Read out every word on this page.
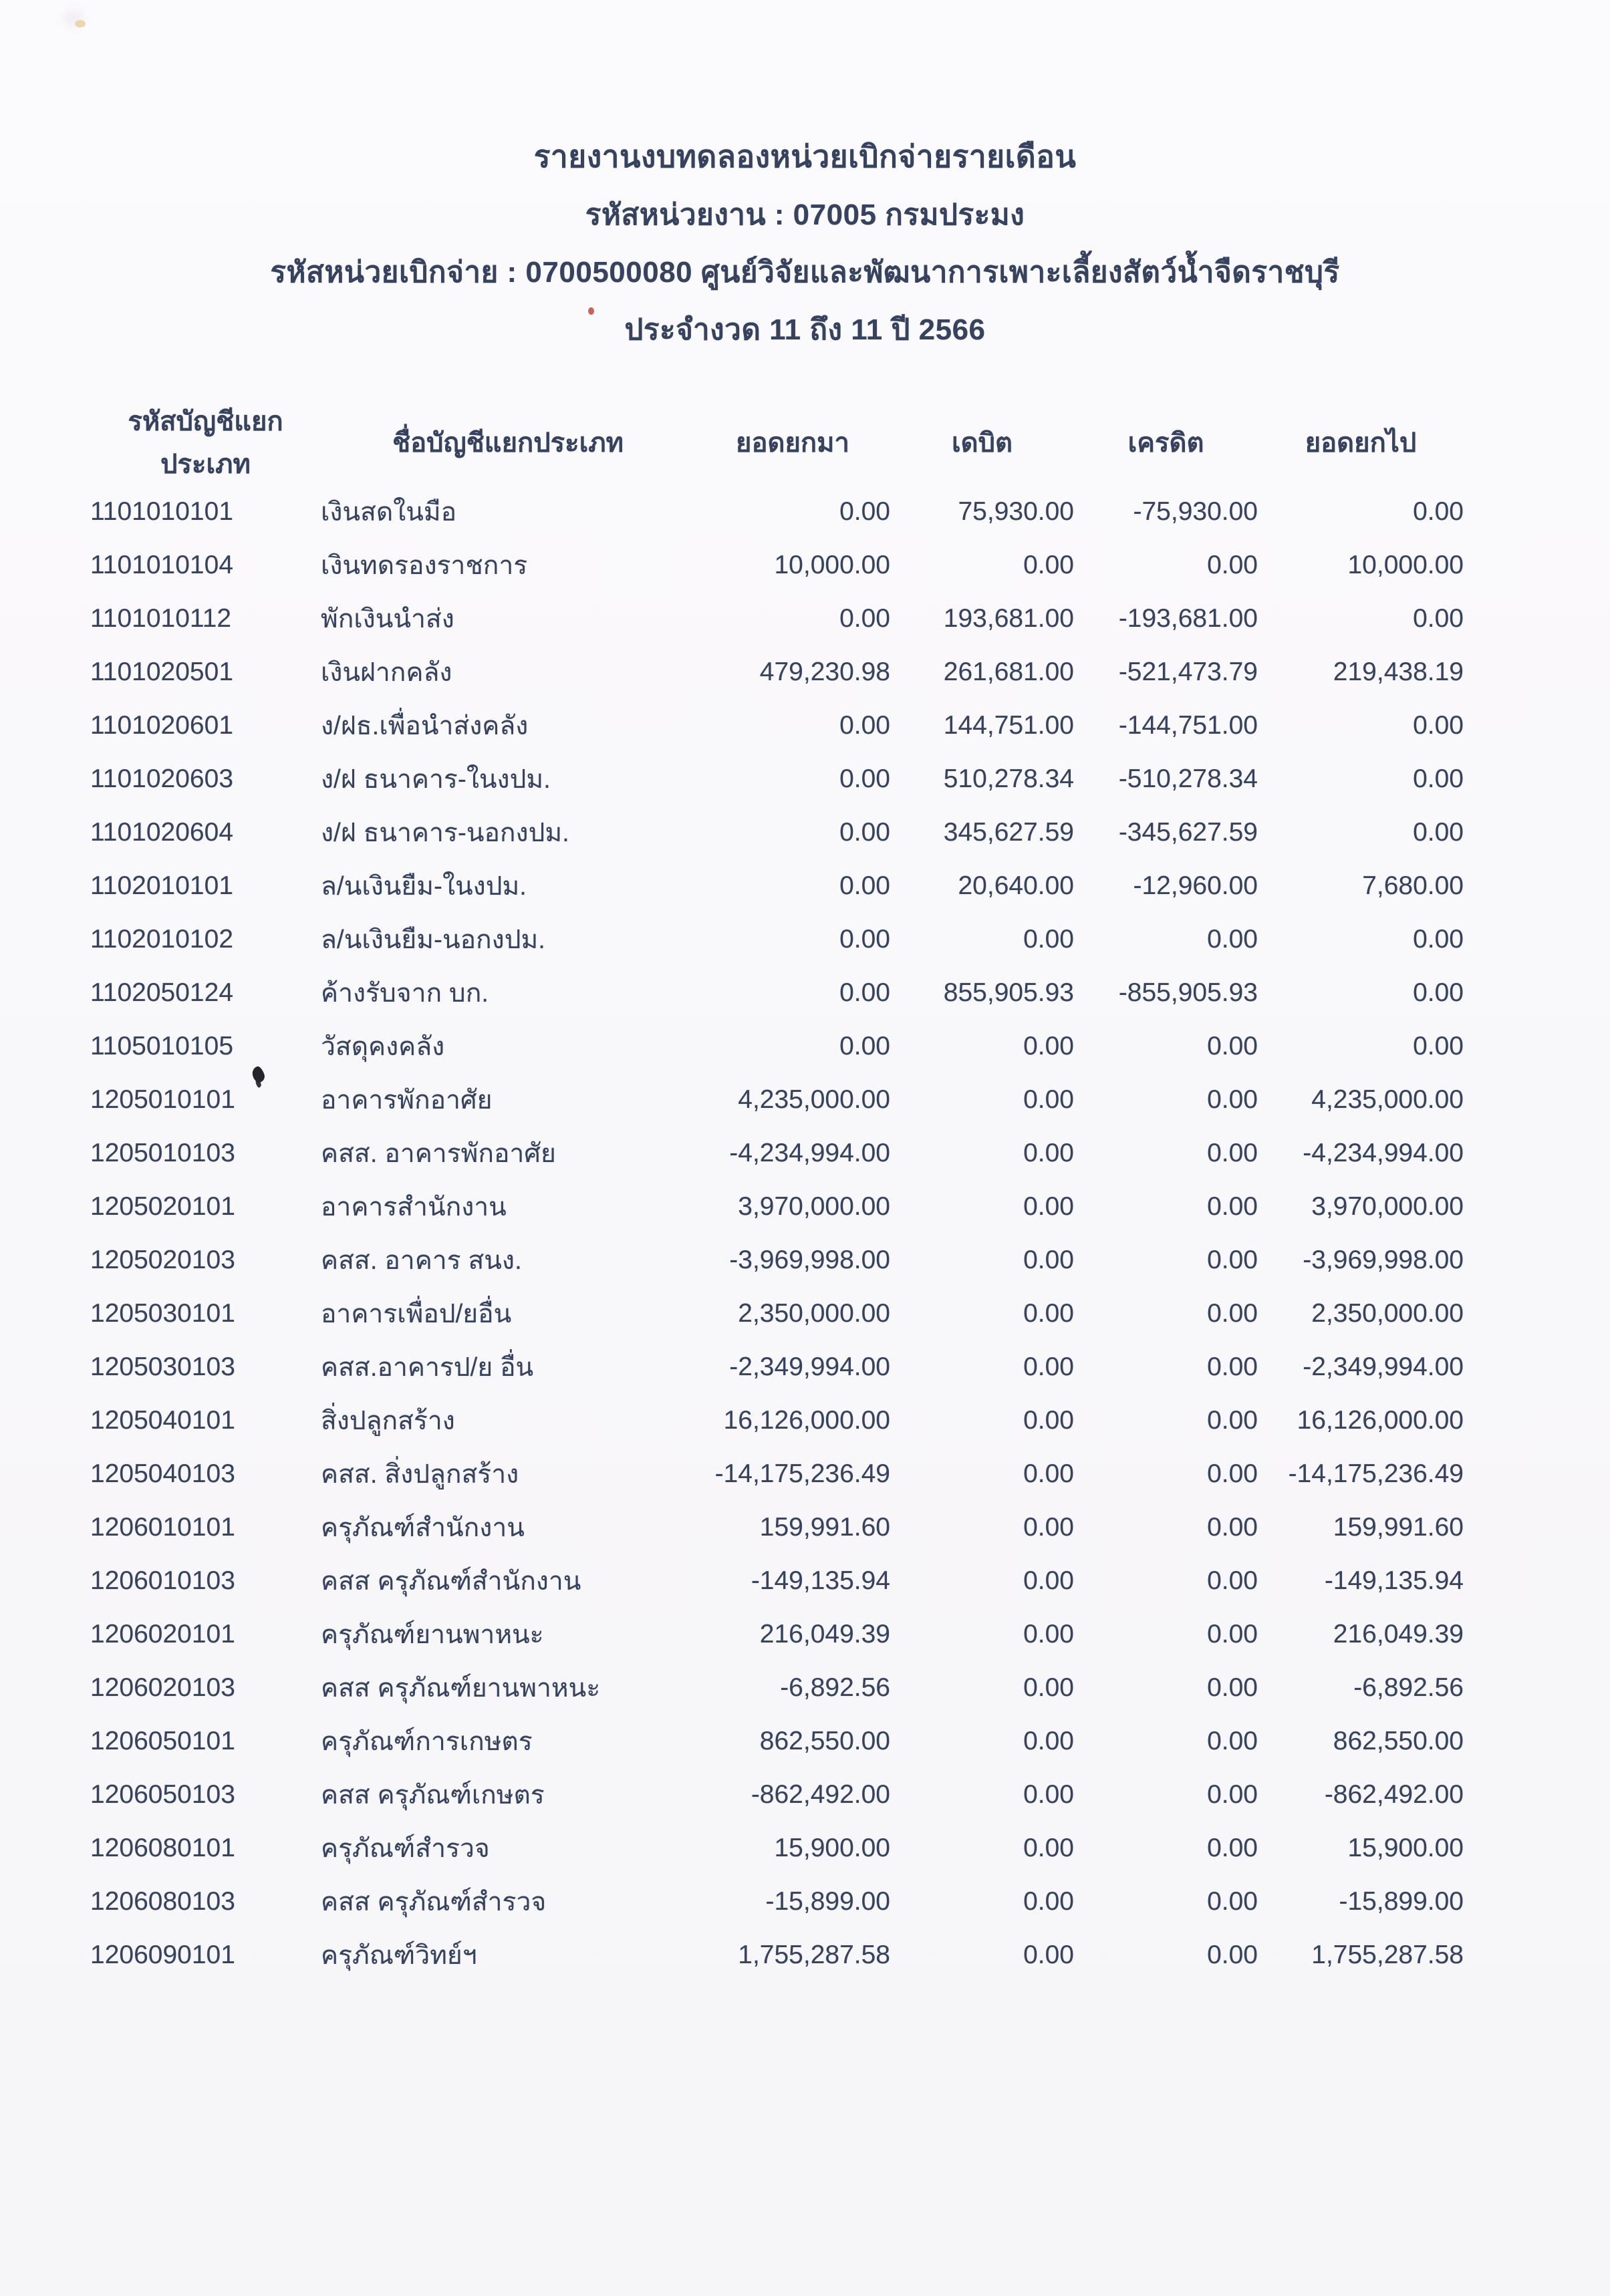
รายงานงบทดลองหน่วยเบิกจ่ายรายเดือน
รหัสหน่วยงาน : 07005 กรมประมง
รหัสหน่วยเบิกจ่าย : 0700500080 ศูนย์วิจัยและพัฒนาการเพาะเลี้ยงสัตว์น้ำจืดราชบุรี
ประจำงวด 11 ถึง 11 ปี 2566
รหัสบัญชีแยกประเภท	ชื่อบัญชีแยกประเภท	ยอดยกมา	เดบิต	เครดิต	ยอดยกไป
1101010101	เงินสดในมือ	0.00	75,930.00	-75,930.00	0.00
1101010104	เงินทดรองราชการ	10,000.00	0.00	0.00	10,000.00
1101010112	พักเงินนำส่ง	0.00	193,681.00	-193,681.00	0.00
1101020501	เงินฝากคลัง	479,230.98	261,681.00	-521,473.79	219,438.19
1101020601	ง/ฝธ.เพื่อนำส่งคลัง	0.00	144,751.00	-144,751.00	0.00
1101020603	ง/ฝ ธนาคาร-ในงปม.	0.00	510,278.34	-510,278.34	0.00
1101020604	ง/ฝ ธนาคาร-นอกงปม.	0.00	345,627.59	-345,627.59	0.00
1102010101	ล/นเงินยืม-ในงปม.	0.00	20,640.00	-12,960.00	7,680.00
1102010102	ล/นเงินยืม-นอกงปม.	0.00	0.00	0.00	0.00
1102050124	ค้างรับจาก บก.	0.00	855,905.93	-855,905.93	0.00
1105010105	วัสดุคงคลัง	0.00	0.00	0.00	0.00
1205010101	อาคารพักอาศัย	4,235,000.00	0.00	0.00	4,235,000.00
1205010103	คสส. อาคารพักอาศัย	-4,234,994.00	0.00	0.00	-4,234,994.00
1205020101	อาคารสำนักงาน	3,970,000.00	0.00	0.00	3,970,000.00
1205020103	คสส. อาคาร สนง.	-3,969,998.00	0.00	0.00	-3,969,998.00
1205030101	อาคารเพื่อป/ยอื่น	2,350,000.00	0.00	0.00	2,350,000.00
1205030103	คสส.อาคารป/ย อื่น	-2,349,994.00	0.00	0.00	-2,349,994.00
1205040101	สิ่งปลูกสร้าง	16,126,000.00	0.00	0.00	16,126,000.00
1205040103	คสส. สิ่งปลูกสร้าง	-14,175,236.49	0.00	0.00	-14,175,236.49
1206010101	ครุภัณฑ์สำนักงาน	159,991.60	0.00	0.00	159,991.60
1206010103	คสส ครุภัณฑ์สำนักงาน	-149,135.94	0.00	0.00	-149,135.94
1206020101	ครุภัณฑ์ยานพาหนะ	216,049.39	0.00	0.00	216,049.39
1206020103	คสส ครุภัณฑ์ยานพาหนะ	-6,892.56	0.00	0.00	-6,892.56
1206050101	ครุภัณฑ์การเกษตร	862,550.00	0.00	0.00	862,550.00
1206050103	คสส ครุภัณฑ์เกษตร	-862,492.00	0.00	0.00	-862,492.00
1206080101	ครุภัณฑ์สำรวจ	15,900.00	0.00	0.00	15,900.00
1206080103	คสส ครุภัณฑ์สำรวจ	-15,899.00	0.00	0.00	-15,899.00
1206090101	ครุภัณฑ์วิทย์ฯ	1,755,287.58	0.00	0.00	1,755,287.58
